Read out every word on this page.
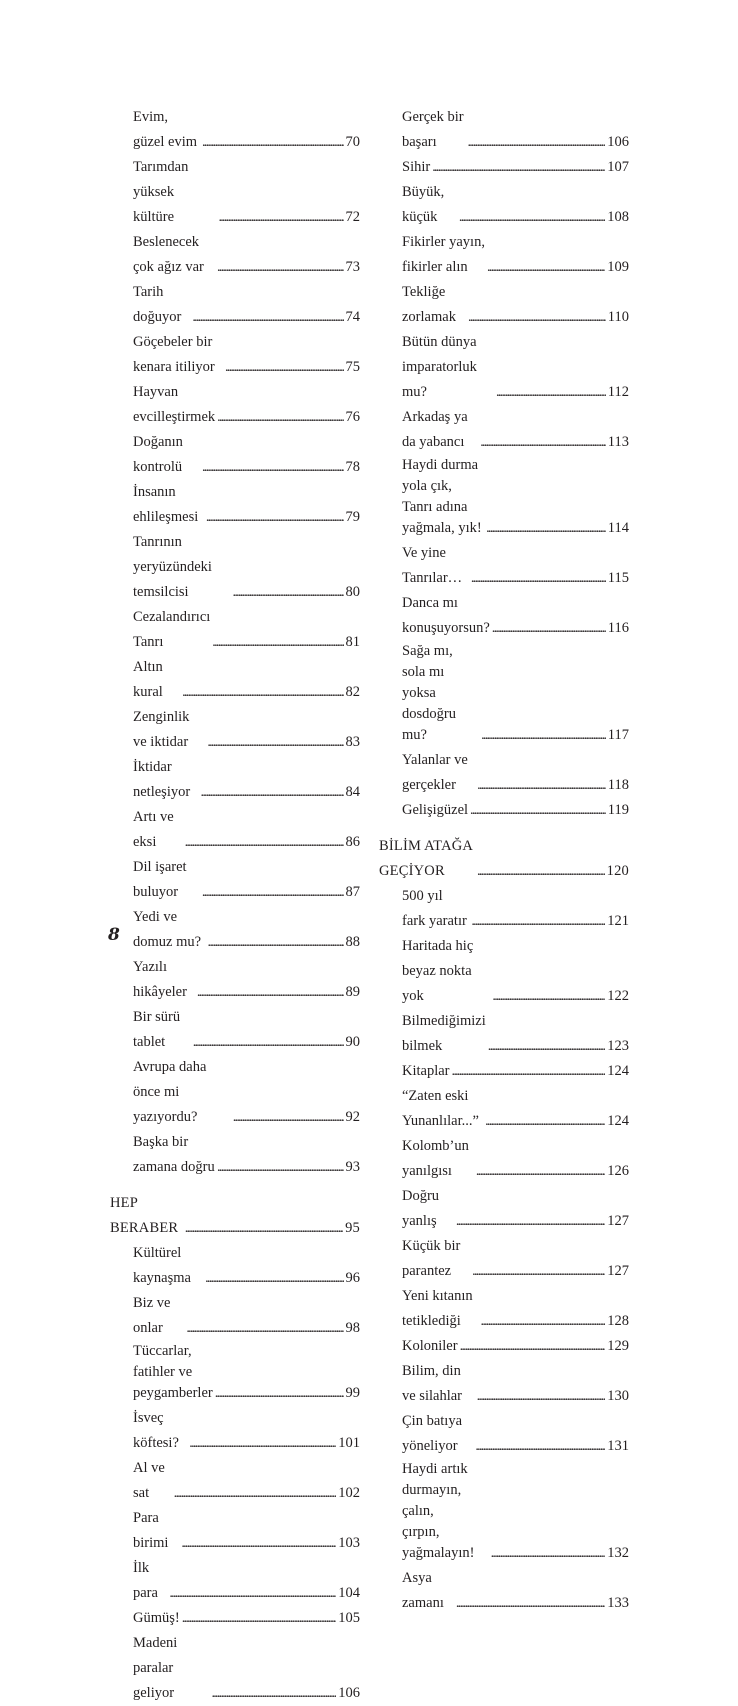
Evim, güzel evim . . .	70
Tarımdan yüksek kültüre . . .	72
Beslenecek çok ağız var . . .	73
Tarih doğuyor . . .	74
Göçebeler bir kenara itiliyor . . .	75
Hayvan evcilleştirmek . . .	76
Doğanın kontrolü . . .	78
İnsanın ehlileşmesi . . .	79
Tanrının yeryüzündeki temsilcisi . . .	80
Cezalandırıcı Tanrı . . .	81
Altın kural . . .	82
Zenginlik ve iktidar . . .	83
İktidar netleşiyor . . .	84
Artı ve eksi . . .	86
Dil işaret buluyor . . .	87
Yedi ve domuz mu? . . .	88
Yazılı hikâyeler . . .	89
Bir sürü tablet . . .	90
Avrupa daha önce mi yazıyordu? . . .	92
Başka bir zamana doğru . . .	93
HEP BERABER . . .	95
Kültürel kaynaşma . . .	96
Biz ve onlar . . .	98
Tüccarlar, fatihler ve
peygamberler . . .	99
İsveç köftesi? . . .	101
Al ve sat . . .	102
Para birimi . . .	103
İlk para . . .	104
Gümüş! . . .	105
Madeni paralar geliyor . . .	106
Gerçek bir başarı . . .	106
Sihir . . .	107
Büyük, küçük . . .	108
Fikirler yayın, fikirler alın . . .	109
Tekliğe zorlamak . . .	110
Bütün dünya imparatorluk mu? . . .	112
Arkadaş ya da yabancı . . .	113
Haydi durma yola çık,
Tanrı adına yağmala, yık! . . .	114
Ve yine Tanrılar… . . .	115
Danca mı konuşuyorsun? . . .	116
Sağa mı, sola mı yoksa
dosdoğru mu? . . .	117
Yalanlar ve gerçekler . . .	118
Gelişigüzel . . .	119
BİLİM ATAĞA GEÇİYOR . . .	120
500 yıl fark yaratır . . .	121
Haritada hiç beyaz nokta yok . . .	122
Bilmediğimizi bilmek . . .	123
Kitaplar . . .	124
“Zaten eski Yunanlılar...” . . .	124
Kolomb’un yanılgısı . . .	126
Doğru yanlış . . .	127
Küçük bir parantez . . .	127
Yeni kıtanın tetiklediği . . .	128
Koloniler . . .	129
Bilim, din ve silahlar . . .	130
Çin batıya yöneliyor . . .	131
Haydi artık durmayın, çalın,
çırpın, yağmalayın! . . .	132
Asya zamanı . . .	133
8
